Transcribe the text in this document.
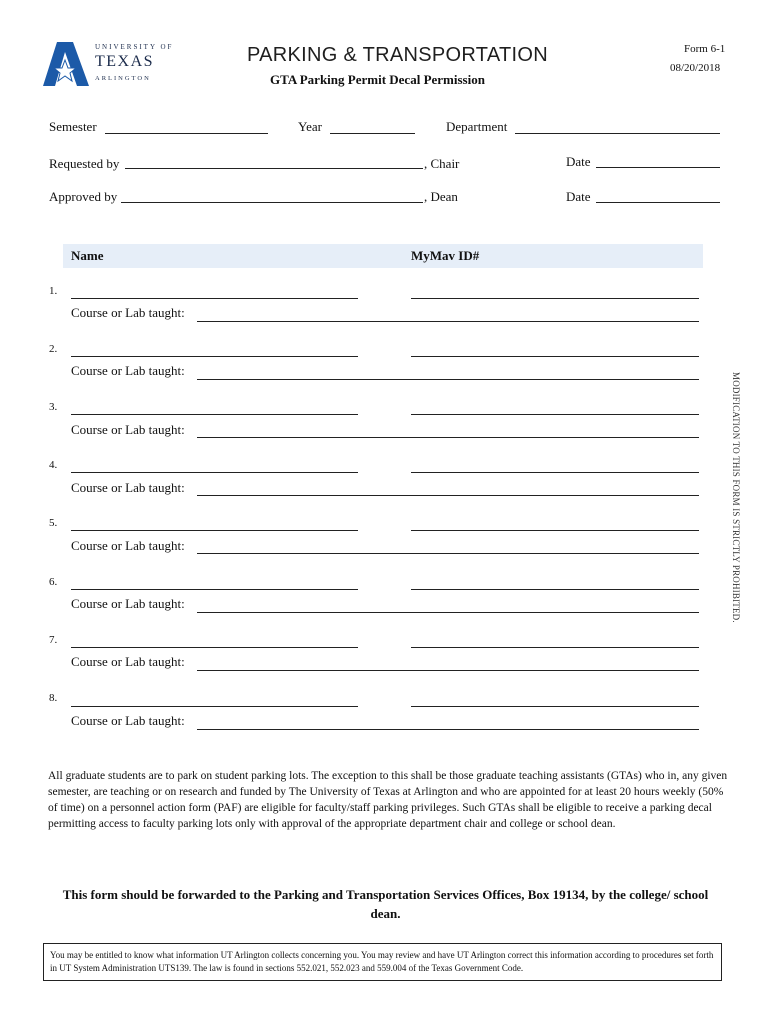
UNIVERSITY OF
TEXAS
ARLINGTON
PARKING & TRANSPORTATION
GTA Parking Permit Decal Permission
Form 6-1
08/20/2018
Semester	Year	Department
Requested by	, Chair	Date
Approved by	, Dean	Date
Name	MyMav ID#
1.
Course or Lab taught:
2.
Course or Lab taught:
3.
Course or Lab taught:
4.
Course or Lab taught:
5.
Course or Lab taught:
6.
Course or Lab taught:
7.
Course or Lab taught:
8.
Course or Lab taught:
MODIFICATION TO THIS FORM IS STRICTLY PROHIBITED.
All graduate students are to park on student parking lots. The exception to this shall be those graduate teaching assistants (GTAs) who in, any given semester, are teaching or on research and funded by The University of Texas at Arlington and who are appointed for at least 20 hours weekly (50% of time) on a personnel action form (PAF) are eligible for faculty/staff parking privileges. Such GTAs shall be eligible to receive a parking decal permitting access to faculty parking lots only with approval of the appropriate department chair and college or school dean.
This form should be forwarded to the Parking and Transportation Services Offices, Box 19134, by the college/ school dean.
You may be entitled to know what information UT Arlington collects concerning you. You may review and have UT Arlington correct this information according to procedures set forth in UT System Administration UTS139. The law is found in sections 552.021, 552.023 and 559.004 of the Texas Government Code.
